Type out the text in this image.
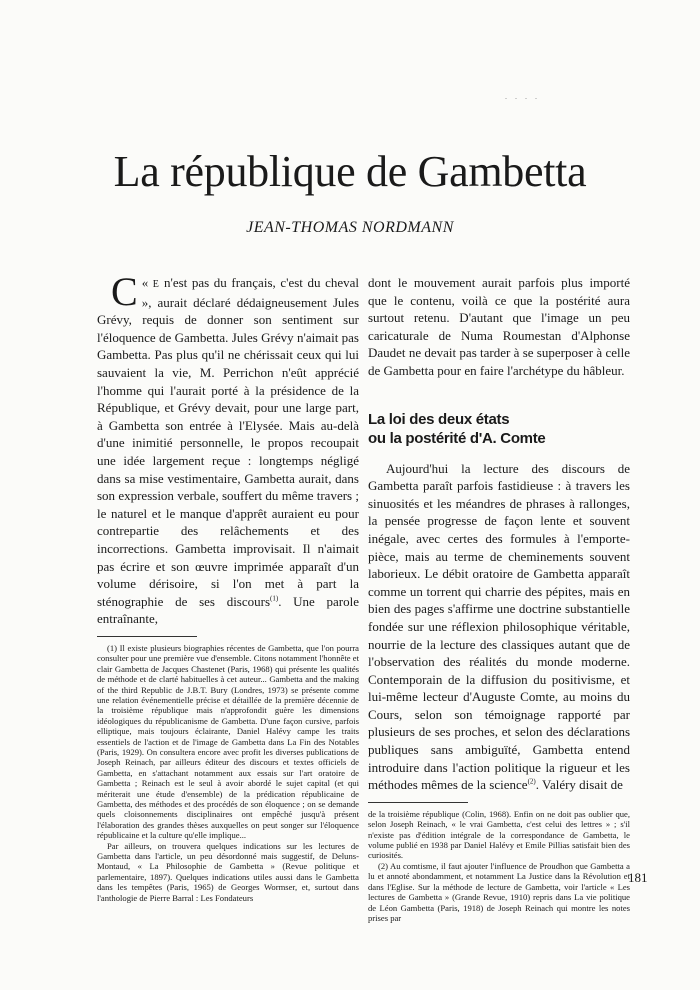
. . . .
La république de Gambetta

JEAN-THOMAS NORDMANN

C « E n'est pas du français, c'est du cheval », aurait déclaré dédaigneusement Jules Grévy, requis de donner son sentiment sur l'éloquence de Gambetta. Jules Grévy n'aimait pas Gambetta. Pas plus qu'il ne chérissait ceux qui lui sauvaient la vie, M. Perrichon n'eût apprécié l'homme qui l'aurait porté à la présidence de la République, et Grévy devait, pour une large part, à Gambetta son entrée à l'Elysée. Mais au-delà d'une inimitié personnelle, le propos recoupait une idée largement reçue : longtemps négligé dans sa mise vestimentaire, Gambetta aurait, dans son expression verbale, souffert du même travers ; le naturel et le manque d'apprêt auraient eu pour contrepartie des relâchements et des incorrections. Gambetta improvisait. Il n'aimait pas écrire et son œuvre imprimée apparaît d'un volume dérisoire, si l'on met à part la sténographie de ses discours$^{(1)}$. Une parole entraînante,

(1) Il existe plusieurs biographies récentes de Gambetta, que l'on pourra consulter pour une première vue d'ensemble. Citons notamment l'honnête et clair Gambetta de Jacques Chastenet (Paris, 1968) qui présente les qualités de méthode et de clarté habituelles à cet auteur... Gambetta and the making of the third Republic de J.B.T. Bury (Londres, 1973) se présente comme une relation événementielle précise et détaillée de la première décennie de la troisième république mais n'approfondit guère les dimensions idéologiques du républicanisme de Gambetta. D'une façon cursive, parfois elliptique, mais toujours éclairante, Daniel Halévy campe les traits essentiels de l'action et de l'image de Gambetta dans La Fin des Notables (Paris, 1929). On consultera encore avec profit les diverses publications de Joseph Reinach, par ailleurs éditeur des discours et textes officiels de Gambetta, en s'attachant notamment aux essais sur l'art oratoire de Gambetta ; Reinach est le seul à avoir abordé le sujet capital (et qui mériterait une étude d'ensemble) de la prédication républicaine de Gambetta, des méthodes et des procédés de son éloquence ; on se demande quels cloisonnements disciplinaires ont empêché jusqu'à présent l'élaboration des grandes thèses auxquelles on peut songer sur l'éloquence républicaine et la culture qu'elle implique...

Par ailleurs, on trouvera quelques indications sur les lectures de Gambetta dans l'article, un peu désordonné mais suggestif, de Deluns-Montaud, « La Philosophie de Gambetta » (Revue politique et parlementaire, 1897). Quelques indications utiles aussi dans le Gambetta dans les tempêtes (Paris, 1965) de Georges Wormser, et, surtout dans l'anthologie de Pierre Barral : Les Fondateurs

dont le mouvement aurait parfois plus importé que le contenu, voilà ce que la postérité aura surtout retenu. D'autant que l'image un peu caricaturale de Numa Roumestan d'Alphonse Daudet ne devait pas tarder à se superposer à celle de Gambetta pour en faire l'archétype du hâbleur.

La loi des deux états
ou la postérité d'A. Comte

Aujourd'hui la lecture des discours de Gambetta paraît parfois fastidieuse : à travers les sinuosités et les méandres de phrases à rallonges, la pensée progresse de façon lente et souvent inégale, avec certes des formules à l'emporte-pièce, mais au terme de cheminements souvent laborieux. Le débit oratoire de Gambetta apparaît comme un torrent qui charrie des pépites, mais en bien des pages s'affirme une doctrine substantielle fondée sur une réflexion philosophique véritable, nourrie de la lecture des classiques autant que de l'observation des réalités du monde moderne. Contemporain de la diffusion du positivisme, et lui-même lecteur d'Auguste Comte, au moins du Cours, selon son témoignage rapporté par plusieurs de ses proches, et selon des déclarations publiques sans ambiguïté, Gambetta entend introduire dans l'action politique la rigueur et les méthodes mêmes de la science$^{(2)}$. Valéry disait de

de la troisième république (Colin, 1968). Enfin on ne doit pas oublier que, selon Joseph Reinach, « le vrai Gambetta, c'est celui des lettres » ; s'il n'existe pas d'édition intégrale de la correspondance de Gambetta, le volume publié en 1938 par Daniel Halévy et Emile Pillias satisfait bien des curiosités.

(2) Au comtisme, il faut ajouter l'influence de Proudhon que Gambetta a lu et annoté abondamment, et notamment La Justice dans la Révolution et dans l'Eglise. Sur la méthode de lecture de Gambetta, voir l'article « Les lectures de Gambetta » (Grande Revue, 1910) repris dans La vie politique de Léon Gambetta (Paris, 1918) de Joseph Reinach qui montre les notes prises par

181
